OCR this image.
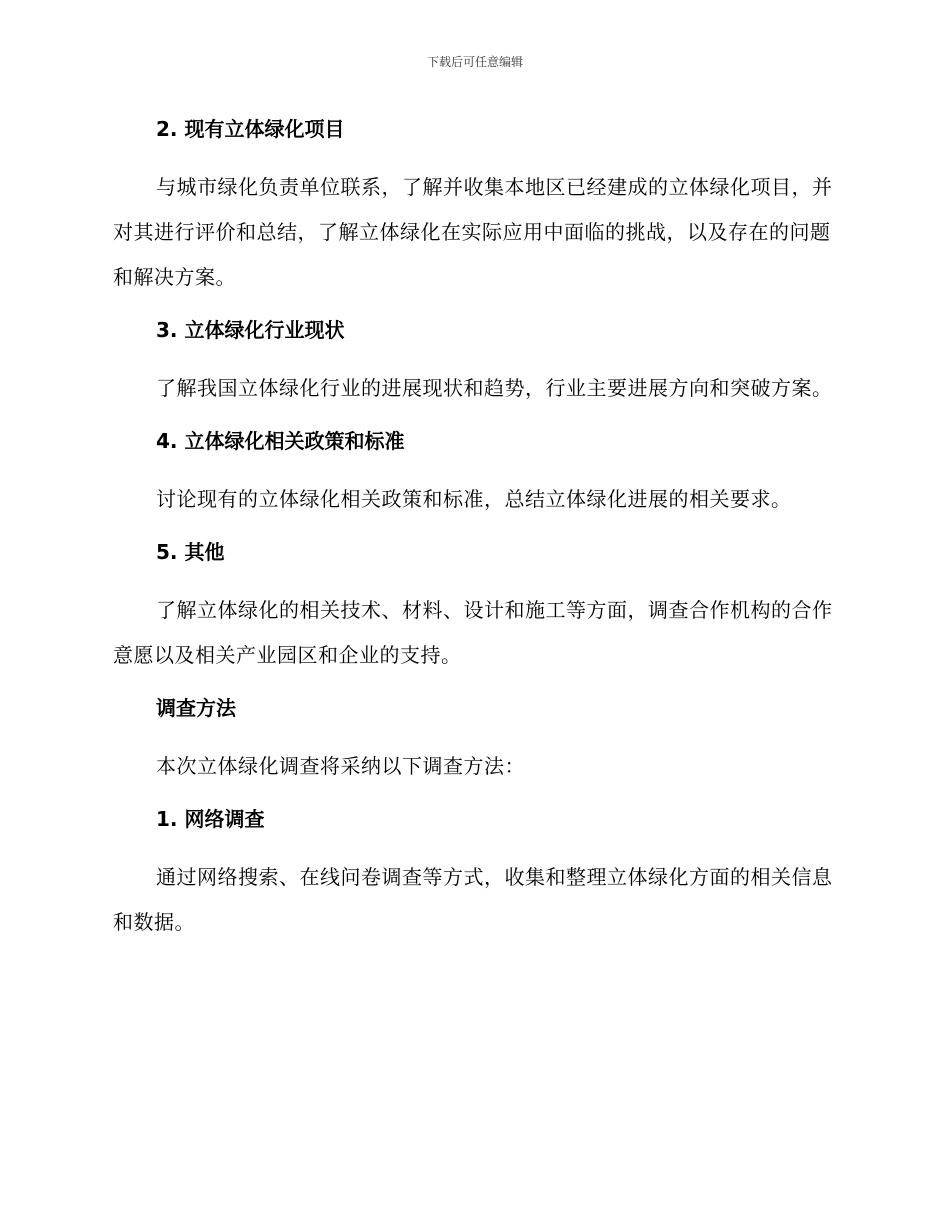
下载后可任意编辑
2. 现有立体绿化项目

与城市绿化负责单位联系，了解并收集本地区已经建成的立体绿化项目，并对其进行评价和总结，了解立体绿化在实际应用中面临的挑战，以及存在的问题和解决方案。

3. 立体绿化行业现状

了解我国立体绿化行业的进展现状和趋势，行业主要进展方向和突破方案。

4. 立体绿化相关政策和标准

讨论现有的立体绿化相关政策和标准，总结立体绿化进展的相关要求。

5. 其他

了解立体绿化的相关技术、材料、设计和施工等方面，调查合作机构的合作意愿以及相关产业园区和企业的支持。

调查方法

本次立体绿化调查将采纳以下调查方法：

1. 网络调查

通过网络搜索、在线问卷调查等方式，收集和整理立体绿化方面的相关信息和数据。
